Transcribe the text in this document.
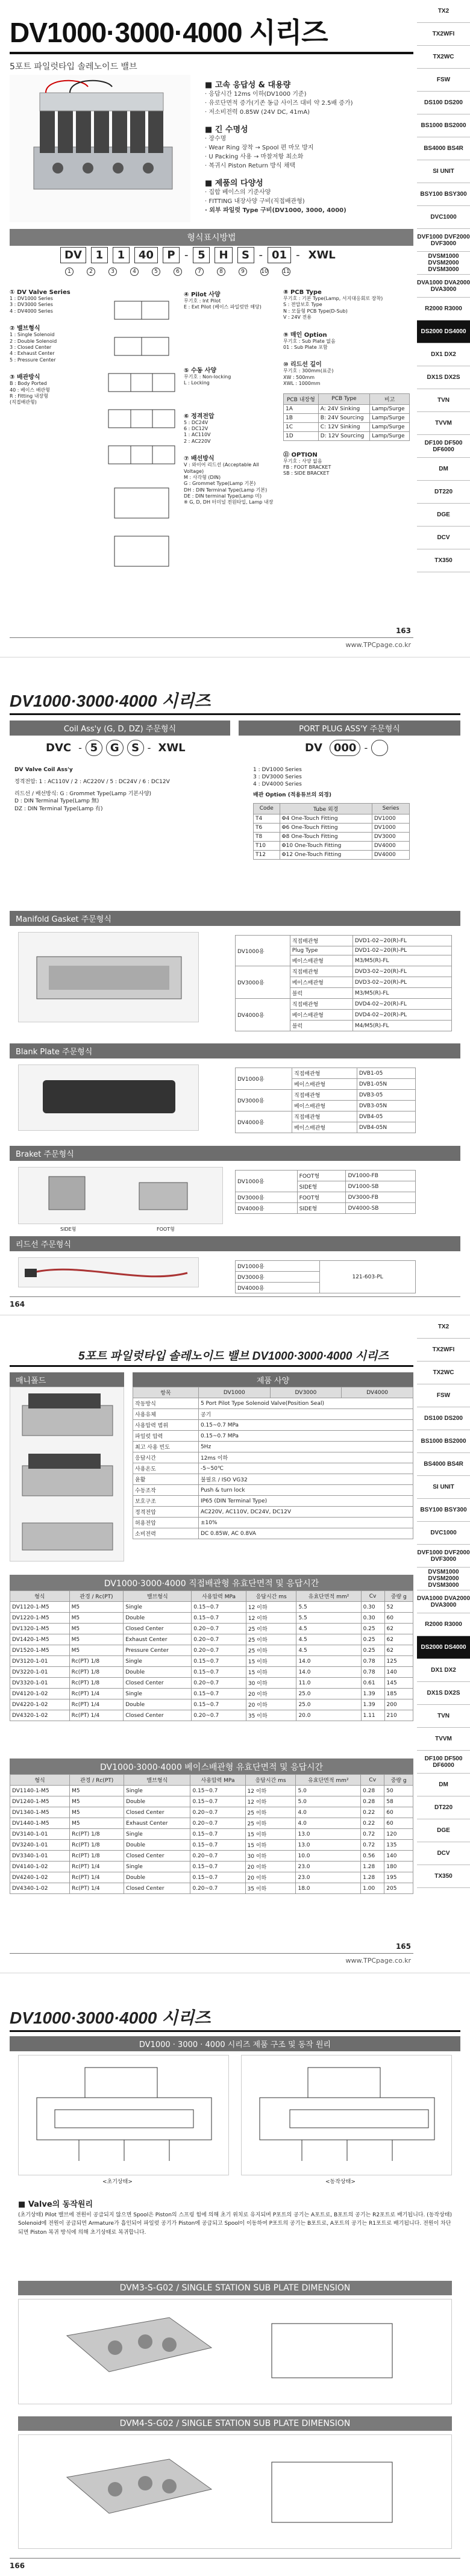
DV1000·3000·4000 시리즈
5포트 파일럿타입 솔레노이드 밸브
■ 고속 응답성 & 대용량
· 응답시간 12ms 이하(DV1000 기준)
· 유로단면적 증가(기존 동급 사이즈 대비 약 2.5배 증가)
· 저소비전력 0.85W (24V DC, 41mA)
■ 긴 수명성
· 장수명
· Wear Ring 장착 → Spool 편 마모 방지
· U Packing 사용 → 마찰저항 최소화
· 복귀시 Piston Return 방식 채택
■ 제품의 다양성
· 집합 베이스의 기준사양
· FITTING 내장사양 구비(직접배관형)
· 외부 파일럿 Type 구비(DV1000, 3000, 4000)
형식표시방법
DV	1	1	40	P - 5	H	S - 01 - XWL
1	2	3	4	5	6	7	8	9	10	11
① DV Valve Series
1 : DV1000 Series
3 : DV3000 Series
4 : DV4000 Series
② 밸브형식
1 : Single Solenoid
2 : Double Solenoid
3 : Closed Center
4 : Exhaust Center
5 : Pressure Center
③ 배관방식
B : Body Ported
40 : 베이스 배관형
R : Fitting 내장형
(직접배관형)
④ Pilot 사양
무기호 : Int Pilot
E : Ext Pilot (베이스 파일럿만 해당)
⑤ 수동 사양
무기호 : Non-locking
L : Locking
⑥ 정격전압
5 : DC24V
6 : DC12V
1 : AC110V
2 : AC220V
⑦ 배선방식
V : 와이어 리드선 (Acceptable All Voltage)
M : 사각형 (DIN)
G : Grommet Type(Lamp 기본)
DH : DIN Terminal Type(Lamp 기본)
DE : DIN terminal Type(Lamp 미)
※ G, D, DH 터미널 전원타입, Lamp 내장
⑧ PCB Type
무기호 : 기본 Type(Lamp, 서지대응회로 장착)
S : 전압보호 Type
N : 모듈형 PCB Type(D-Sub)
V : 24V 전용
⑨ 매인 Option
무기호 : Sub Plate 없음
01 : Sub Plate 포함
⑩ 리드선 길이
무기호 : 300mm(표준)
XW : 500mm
XWL : 1000mm
PCB 내장형	PCB Type	비고
1A	A: 24V Sinking	Lamp/Surge
1B	B: 24V Sourcing	Lamp/Surge
1C	C: 12V Sinking	Lamp/Surge
1D	D: 12V Sourcing	Lamp/Surge
⑪ OPTION
무기호 : 사양 없음
FB : FOOT BRACKET
SB : SIDE BRACKET
163
www.TPCpage.co.kr
TX2
TX2WFI
TX2WC
FSW
DS100 DS200
BS1000 BS2000
BS4000 BS4R
SI UNIT
BSY100 BSY300
DVC1000
DVF1000 DVF2000 DVF3000
DVSM1000 DVSM2000 DVSM3000
DVA1000 DVA2000 DVA3000
R2000 R3000
DS2000 DS4000
DX1 DX2
DX1S DX2S
TVN
TVVM
DF100 DF500 DF6000
DM
DT220
DGE
DCV
TX350
DV1000·3000·4000 시리즈
Coil Ass'y (G, D, DZ) 주문형식	PORT PLUG ASS'Y 주문형식
DVC - 5	G	S - XWL
DV Valve Coil Ass'y
정격전압: 1 : AC110V / 2 : AC220V / 5 : DC24V / 6 : DC12V
리드선 / 배선방식: G : Grommet Type(Lamp 기본사양)
D : DIN Terminal Type(Lamp 無)
DZ : DIN Terminal Type(Lamp 有)
DV	000 -

1 : DV1000 Series
3 : DV3000 Series
4 : DV4000 Series
배관 Option (적용튜브의 외경)
Code	Tube 외경	Series
T4	Φ4 One-Touch Fitting	DV1000
T6	Φ6 One-Touch Fitting	DV1000
T8	Φ8 One-Touch Fitting	DV3000
T10	Φ10 One-Touch Fitting	DV4000
T12	Φ12 One-Touch Fitting	DV4000
Manifold Gasket 주문형식
DV1000용	직접배관형	DVD1-02~20(R)-FL
	Plug Type	DVD1-02~20(R)-PL
	베이스배관형	M3/M5(R)-FL
DV3000용	직접배관형	DVD3-02~20(R)-FL
	베이스배관형	DVD3-02~20(R)-PL
	블럭	M3/M5(R)-FL
DV4000용	직접배관형	DVD4-02~20(R)-FL
	베이스배관형	DVD4-02~20(R)-PL
	블럭	M4/M5(R)-FL
Blank Plate 주문형식
DV1000용	직접배관형	DVB1-05
	베이스배관형	DVB1-05N
DV3000용	직접배관형	DVB3-05
	베이스배관형	DVB3-05N
DV4000용	직접배관형	DVB4-05
	베이스배관형	DVB4-05N
Braket 주문형식
SIDE형	FOOT형
DV1000용	FOOT형	DV1000-FB
	SIDE형	DV1000-SB
DV3000용	FOOT형	DV3000-FB
DV4000용	SIDE형	DV4000-SB
리드선 주문형식
DV1000용	121-603-PL
DV3000용
DV4000용
164
5포트 파일럿타입 솔레노이드 밸브 DV1000·3000·4000 시리즈
매니폴드	제품 사양
항목	DV1000	DV3000	DV4000
작동방식	5 Port Pilot Type Solenoid Valve(Position Seal)		
사용유체	공기		
사용압력 범위	0.15~0.7 MPa		
파일럿 압력	0.15~0.7 MPa		
최고 사용 빈도	5Hz		
응답시간	12ms 이하		
사용온도	-5~50℃		
윤활	불필요 / ISO VG32		
수동조작	Push & turn lock		
보호구조	IP65 (DIN Terminal Type)		
정격전압	AC220V, AC110V, DC24V, DC12V		
허용전압	±10%		
소비전력	DC 0.85W, AC 0.8VA		
DV1000·3000·4000 직접배관형 유효단면적 및 응답시간
형식	관경 / Rc(PT)	밸브형식	사용압력 MPa	응답시간 ms	유효단면적 mm²	Cv	중량 g
DV1120-1-M5	M5	Single	0.15~0.7	12 이하	5.5	0.30	52
DV1220-1-M5	M5	Double	0.15~0.7	12 이하	5.5	0.30	60
DV1320-1-M5	M5	Closed Center	0.20~0.7	25 이하	4.5	0.25	62
DV1420-1-M5	M5	Exhaust Center	0.20~0.7	25 이하	4.5	0.25	62
DV1520-1-M5	M5	Pressure Center	0.20~0.7	25 이하	4.5	0.25	62
DV3120-1-01	Rc(PT) 1/8	Single	0.15~0.7	15 이하	14.0	0.78	125
DV3220-1-01	Rc(PT) 1/8	Double	0.15~0.7	15 이하	14.0	0.78	140
DV3320-1-01	Rc(PT) 1/8	Closed Center	0.20~0.7	30 이하	11.0	0.61	145
DV4120-1-02	Rc(PT) 1/4	Single	0.15~0.7	20 이하	25.0	1.39	185
DV4220-1-02	Rc(PT) 1/4	Double	0.15~0.7	20 이하	25.0	1.39	200
DV4320-1-02	Rc(PT) 1/4	Closed Center	0.20~0.7	35 이하	20.0	1.11	210
DV1000·3000·4000 베이스배관형 유효단면적 및 응답시간
형식	관경 / Rc(PT)	밸브형식	사용압력 MPa	응답시간 ms	유효단면적 mm²	Cv	중량 g
DV1140-1-M5	M5	Single	0.15~0.7	12 이하	5.0	0.28	50
DV1240-1-M5	M5	Double	0.15~0.7	12 이하	5.0	0.28	58
DV1340-1-M5	M5	Closed Center	0.20~0.7	25 이하	4.0	0.22	60
DV1440-1-M5	M5	Exhaust Center	0.20~0.7	25 이하	4.0	0.22	60
DV3140-1-01	Rc(PT) 1/8	Single	0.15~0.7	15 이하	13.0	0.72	120
DV3240-1-01	Rc(PT) 1/8	Double	0.15~0.7	15 이하	13.0	0.72	135
DV3340-1-01	Rc(PT) 1/8	Closed Center	0.20~0.7	30 이하	10.0	0.56	140
DV4140-1-02	Rc(PT) 1/4	Single	0.15~0.7	20 이하	23.0	1.28	180
DV4240-1-02	Rc(PT) 1/4	Double	0.15~0.7	20 이하	23.0	1.28	195
DV4340-1-02	Rc(PT) 1/4	Closed Center	0.20~0.7	35 이하	18.0	1.00	205
165
www.TPCpage.co.kr
TX2
TX2WFI
TX2WC
FSW
DS100 DS200
BS1000 BS2000
BS4000 BS4R
SI UNIT
BSY100 BSY300
DVC1000
DVF1000 DVF2000 DVF3000
DVSM1000 DVSM2000 DVSM3000
DVA1000 DVA2000 DVA3000
R2000 R3000
DS2000 DS4000
DX1 DX2
DX1S DX2S
TVN
TVVM
DF100 DF500 DF6000
DM
DT220
DGE
DCV
TX350
DV1000·3000·4000 시리즈
DV1000 · 3000 · 4000 시리즈 제품 구조 및 동작 원리
<초기상태>	<동작상태>
■ Valve의 동작원리
(초기상태) Pilot 밸브에 전원이 공급되지 않으면 Spool은 Piston의 스프링 힘에 의해 초기 위치로 유지되며 P포트의 공기는 A포트로, B포트의 공기는 R2포트로 배기됩니다. (동작상태) Solenoid에 전원이 공급되면 Armature가 흡인되어 파일럿 공기가 Piston에 공급되고 Spool이 이동하여 P포트의 공기는 B포트로, A포트의 공기는 R1포트로 배기됩니다. 전원이 차단되면 Piston 복귀 방식에 의해 초기상태로 복귀합니다.
DVM3-S-G02 / SINGLE STATION SUB PLATE DIMENSION
DVM4-S-G02 / SINGLE STATION SUB PLATE DIMENSION
166
